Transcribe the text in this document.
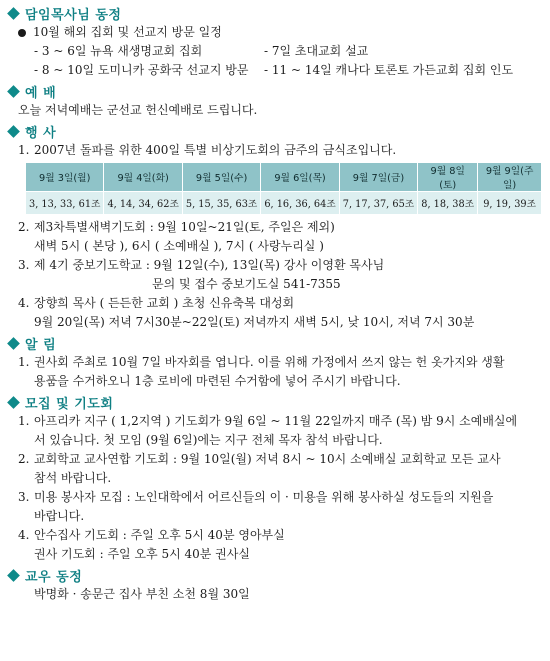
담임목사님 동정
10월 해외 집회 및 선교지 방문 일정
- 3 ~ 6일 뉴욕 새생명교회 집회	- 7일 초대교회 설교
- 8 ~ 10일 도미니카 공화국 선교지 방문	- 11 ~ 14일 캐나다 토론토 가든교회 집회 인도
예 배
오늘 저녁예배는 군선교 헌신예배로 드립니다.
행 사
1. 2007년 돌파를 위한 400일 특별 비상기도회의 금주의 금식조입니다.
9월 3일(월)	9월 4일(화)	9월 5일(수)	9월 6일(목)	9월 7일(금)	9월 8일(토)	9월 9일(주일)
3, 13, 33, 61조	4, 14, 34, 62조	5, 15, 35, 63조	6, 16, 36, 64조	7, 17, 37, 65조	8, 18, 38조	9, 19, 39조
2. 제3차특별새벽기도회 : 9월 10일~21일(토, 주일은 제외)
새벽 5시 ( 본당 ), 6시 ( 소예배실 ), 7시 ( 사랑누리실 )
3. 제 4기 중보기도학교 : 9월 12일(수), 13일(목) 강사 이영환 목사님
문의 및 접수 중보기도실 541-7355
4. 장향희 목사 ( 든든한 교회 ) 초청 신유축복 대성회
9월 20일(목) 저녁 7시30분~22일(토) 저녁까지 새벽 5시, 낮 10시, 저녁 7시 30분
알 림
1. 권사회 주최로 10월 7일 바자회를 엽니다. 이를 위해 가정에서 쓰지 않는 헌 옷가지와 생활
용품을 수거하오니 1층 로비에 마련된 수거함에 넣어 주시기 바랍니다.
모집 및 기도회
1. 아프리카 지구 ( 1,2지역 ) 기도회가 9월 6일 ~ 11월 22일까지 매주 (목) 밤 9시 소예배실에
서 있습니다. 첫 모임 (9월 6일)에는 지구 전체 목자 참석 바랍니다.
2. 교회학교 교사연합 기도회 : 9월 10일(월) 저녁 8시 ~ 10시 소예배실 교회학교 모든 교사
참석 바랍니다.
3. 미용 봉사자 모집 : 노인대학에서 어르신들의 이 · 미용을 위해 봉사하실 성도들의 지원을
바랍니다.
4. 안수집사 기도회 : 주일 오후 5시 40분 영아부실
권사 기도회 : 주일 오후 5시 40분 권사실
교우 동정
박명화 · 송문근 집사 부친 소천 8월 30일
